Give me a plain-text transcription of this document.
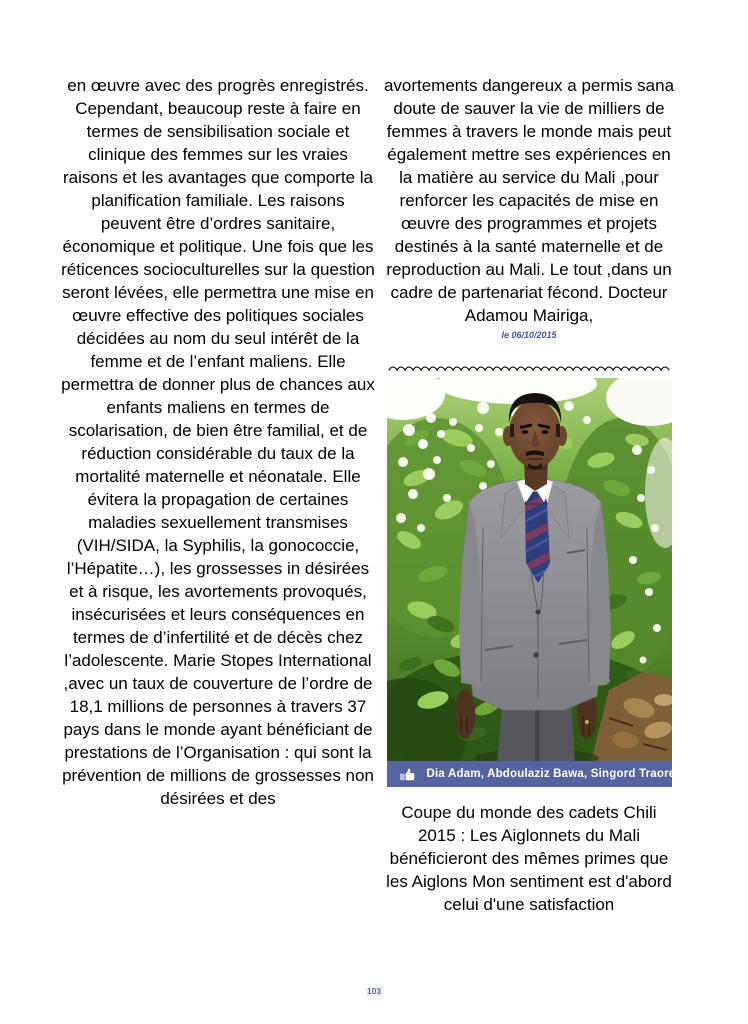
en œuvre avec des progrès enregistrés. Cependant, beaucoup reste à faire en termes de sensibilisation sociale et clinique des femmes sur les vraies raisons et les avantages que comporte la planification familiale. Les raisons peuvent être d’ordres sanitaire, économique et politique. Une fois que les réticences socioculturelles sur la question seront lévées, elle permettra une mise en œuvre effective des politiques sociales décidées au nom du seul intérêt de la femme et de l’enfant maliens. Elle permettra de donner plus de chances aux enfants maliens en termes de scolarisation, de bien être familial, et de réduction considérable du taux de la mortalité maternelle et néonatale. Elle évitera la propagation de certaines maladies sexuellement transmises (VIH/SIDA, la Syphilis, la gonococcie, l’Hépatite…), les grossesses in désirées et à risque, les avortements provoqués, insécurisées et leurs conséquences en termes de d’infertilité et de décès chez l’adolescente. Marie Stopes International ,avec un taux de couverture de l’ordre de 18,1 millions de personnes à travers 37 pays dans le monde ayant bénéficiant de prestations de l’Organisation : qui sont la prévention de millions de grossesses non désirées et des

avortements dangereux a permis sana doute de sauver la vie de milliers de femmes à travers le monde mais peut également mettre ses expériences en la matière au service du Mali ,pour renforcer les capacités de mise en œuvre des programmes et projets destinés à la santé maternelle et de reproduction au Mali. Le tout ,dans un cadre de partenariat fécond. Docteur Adamou Mairiga,

le 06/10/2015
Dia Adam, Abdoulaziz Bawa, Singord Traore

Coupe du monde des cadets Chili 2015 : Les Aiglonnets du Mali bénéficieront des mêmes primes que les Aiglons Mon sentiment est d'abord celui d'une satisfaction

103
